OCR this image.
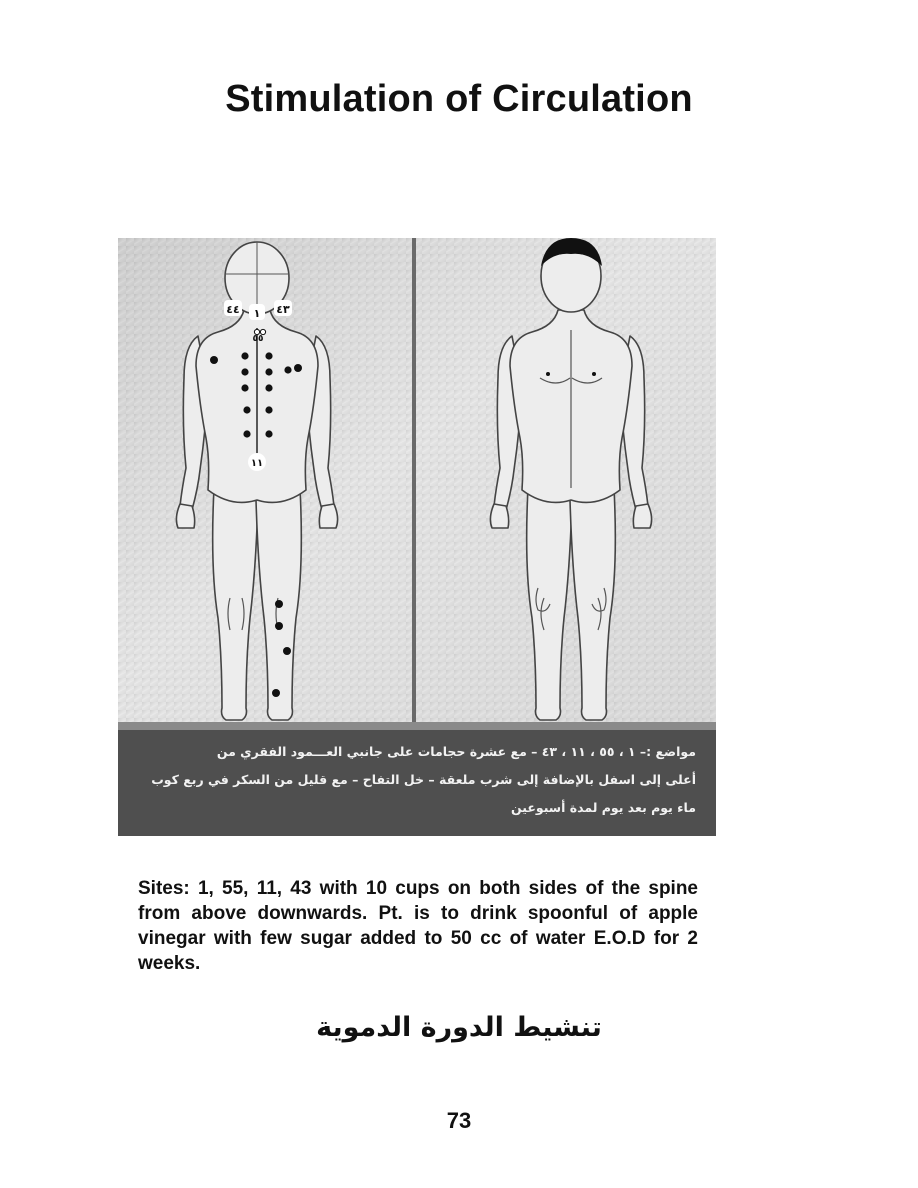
Stimulation of Circulation
٤٤ ١ ٤٣
٥٥
١١
مواضع :– ١ ، ٥٥ ، ١١ ، ٤٣ – مع عشرة حجامات على جانبي العـــمود الفقري من
أعلى إلى اسفل بالإضافة إلى شرب ملعقة – خل التفاح – مع قليل من السكر في ربع كوب
ماء يوم بعد يوم لمدة أسبوعين
Sites: 1, 55, 11, 43 with 10 cups on both sides of the spine from above downwards. Pt. is to drink spoonful of apple vinegar with few sugar added to 50 cc of water E.O.D for 2 weeks.
تنشيط الدورة الدموية
73
